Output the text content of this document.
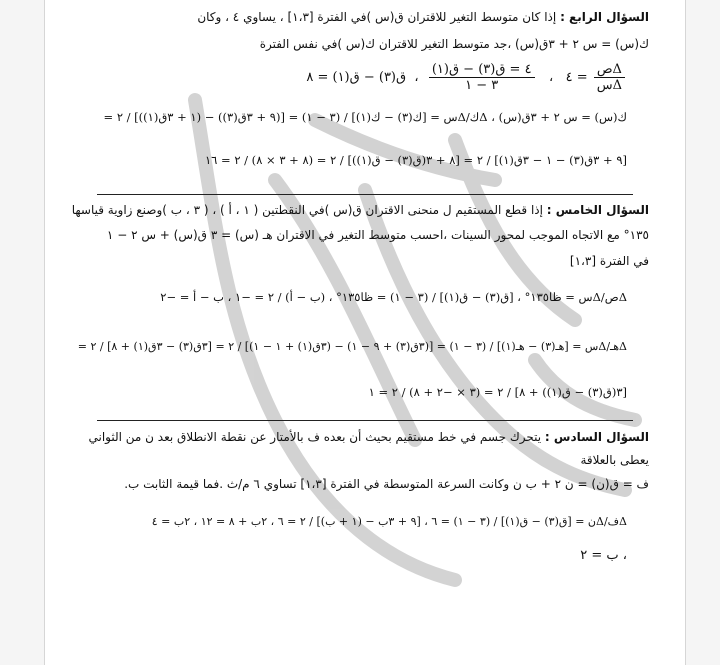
السؤال الرابع : إذا كان متوسط التغير للاقتران ق(س )في الفترة [١،٣] ، يساوي ٤ ، وكان
ك(س) = س ٢ + ٣ق(س) ،جد متوسط التغير للاقتران ك(س )في نفس الفترة
$\frac{\text{Δص}}{\text{Δس}}$
= ٤   ،
$\frac{\text{٤ = ق(٣) − ق(١)}}{٣ - ١}$
،  ق(٣) − ق(١) = ٨
ك(س) = س ٢ + ٣ق(س) ، Δك/Δس = [ك(٣) − ك(١)] / (٣ − ١) = [(٩ + ٣ق(٣)) − (١ + ٣ق(١))] / ٢ =
[٩ + ٣ق(٣) − ١ − ٣ق(١)] / ٢ = [٨ + ٣(ق(٣) − ق(١))] / ٢ = (٨ + ٣ × ٨) / ٢ = ١٦
السؤال الخامس : إذا قطع المستقيم ل منحنى الاقتران ق(س )في النقطتين ( ١ ، أ ) ، ( ٣ ، ب )وصنع زاوية قياسها
١٣٥° مع الاتجاه الموجب لمحور السينات ،احسب متوسط التغير في الاقتران هـ (س) = ٣ ق(س) + س ٢ − ١
في الفترة [١،٣]
Δص/Δس = ظا١٣٥° ، [ق(٣) − ق(١)] / (٣ − ١) = ظا١٣٥° ، (ب − أ) / ٢ = −١ ، ب − أ = −٢
Δهـ/Δس = [هـ(٣) − هـ(١)] / (٣ − ١) = [(٣ق(٣) + ٩ − ١) − (٣ق(١) + ١ − ١)] / ٢ = [٣ق(٣) − ٣ق(١) + ٨] / ٢ =
[٣(ق(٣) − ق(١)) + ٨] / ٢ = (٣ × −٢ + ٨) / ٢ = ١
السؤال السادس : يتحرك جسم في خط مستقيم بحيث أن بعده ف بالأمتار عن نقطة الانطلاق بعد ن من الثواني
يعطى بالعلاقة
ف = ق(ن) = ن ٢ + ب ن وكانت السرعة المتوسطة في الفترة [١،٣] تساوي ٦ م/ث .فما قيمة الثابت ب.
Δف/Δن = [ق(٣) − ق(١)] / (٣ − ١) = ٦ ، [٩ + ٣ب − (١ + ب)] / ٢ = ٦ ، ٢ب + ٨ = ١٢ ، ٢ب = ٤
، ب = ٢
